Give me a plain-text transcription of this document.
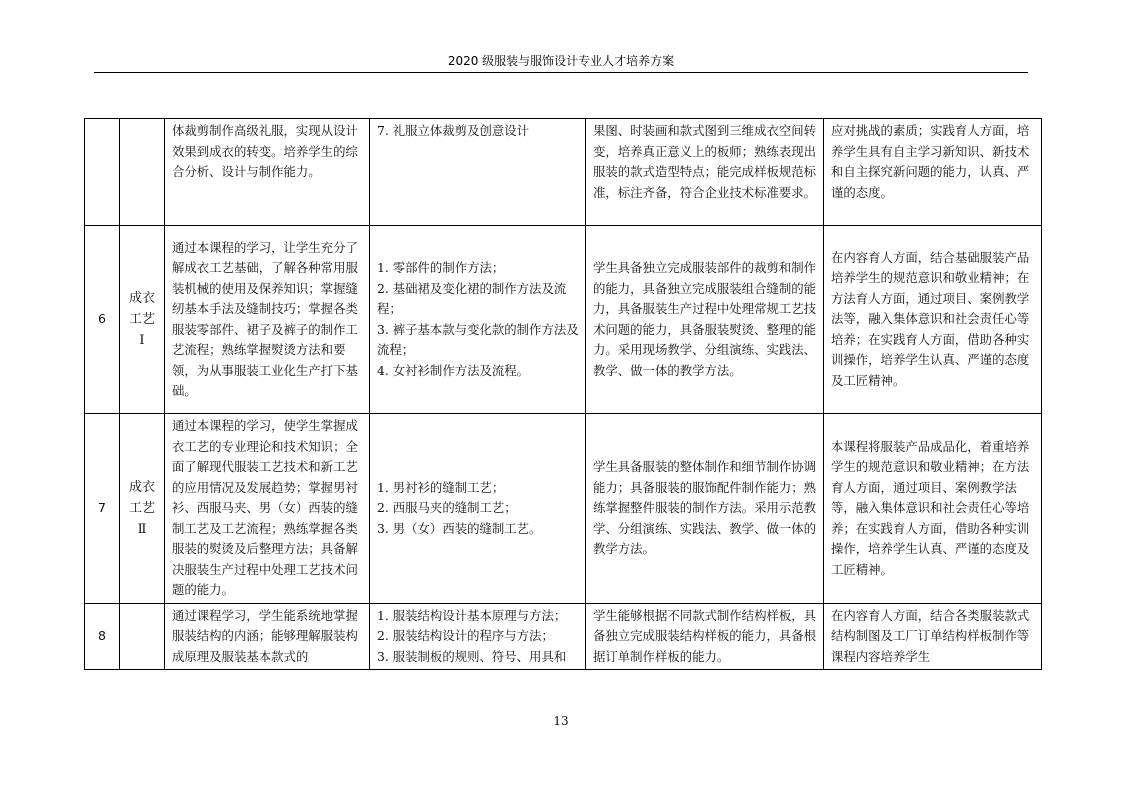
2020 级服装与服饰设计专业人才培养方案

		体裁剪制作高级礼服，实现从设计效果到成衣的转变。培养学生的综合分析、设计与制作能力。	7. 礼服立体裁剪及创意设计	果图、时装画和款式图到三维成衣空间转变，培养真正意义上的板师；熟练表现出服装的款式造型特点；能完成样板规范标准，标注齐备，符合企业技术标准要求。	应对挑战的素质；实践育人方面，培养学生具有自主学习新知识、新技术和自主探究新问题的能力，认真、严谨的态度。

6	成衣
工艺
Ⅰ	通过本课程的学习，让学生充分了解成衣工艺基础，了解各种常用服装机械的使用及保养知识；掌握缝纫基本手法及缝制技巧；掌握各类服装零部件、裙子及裤子的制作工艺流程；熟练掌握熨烫方法和要领，为从事服装工业化生产打下基础。	1. 零部件的制作方法；
2. 基础裙及变化裙的制作方法及流程；
3. 裤子基本款与变化款的制作方法及流程；
4. 女衬衫制作方法及流程。	学生具备独立完成服装部件的裁剪和制作的能力，具备独立完成服装组合缝制的能力，具备服装生产过程中处理常规工艺技术问题的能力，具备服装熨烫、整理的能力。采用现场教学、分组演练、实践法、教学、做一体的教学方法。	在内容育人方面，结合基础服装产品培养学生的规范意识和敬业精神；在方法育人方面，通过项目、案例教学法等，融入集体意识和社会责任心等培养；在实践育人方面，借助各种实训操作，培养学生认真、严谨的态度及工匠精神。

7	成衣
工艺
Ⅱ	通过本课程的学习，使学生掌握成衣工艺的专业理论和技术知识；全面了解现代服装工艺技术和新工艺的应用情况及发展趋势；掌握男衬衫、西服马夹、男（女）西装的缝制工艺及工艺流程；熟练掌握各类服装的熨烫及后整理方法；具备解决服装生产过程中处理工艺技术问题的能力。	1. 男衬衫的缝制工艺；
2. 西服马夹的缝制工艺；
3. 男（女）西装的缝制工艺。	学生具备服装的整体制作和细节制作协调能力；具备服装的服饰配件制作能力；熟练掌握整件服装的制作方法。采用示范教学、分组演练、实践法、教学、做一体的教学方法。	本课程将服装产品成品化，着重培养学生的规范意识和敬业精神；在方法育人方面，通过项目、案例教学法等，融入集体意识和社会责任心等培养；在实践育人方面，借助各种实训操作，培养学生认真、严谨的态度及工匠精神。

8		通过课程学习，学生能系统地掌握服装结构的内涵；能够理解服装构成原理及服装基本款式的	1. 服装结构设计基本原理与方法；
2. 服装结构设计的程序与方法；
3. 服装制板的规则、符号、用具和	学生能够根据不同款式制作结构样板，具备独立完成服装结构样板的能力，具备根据订单制作样板的能力。	在内容育人方面，结合各类服装款式结构制图及工厂订单结构样板制作等课程内容培养学生
13
